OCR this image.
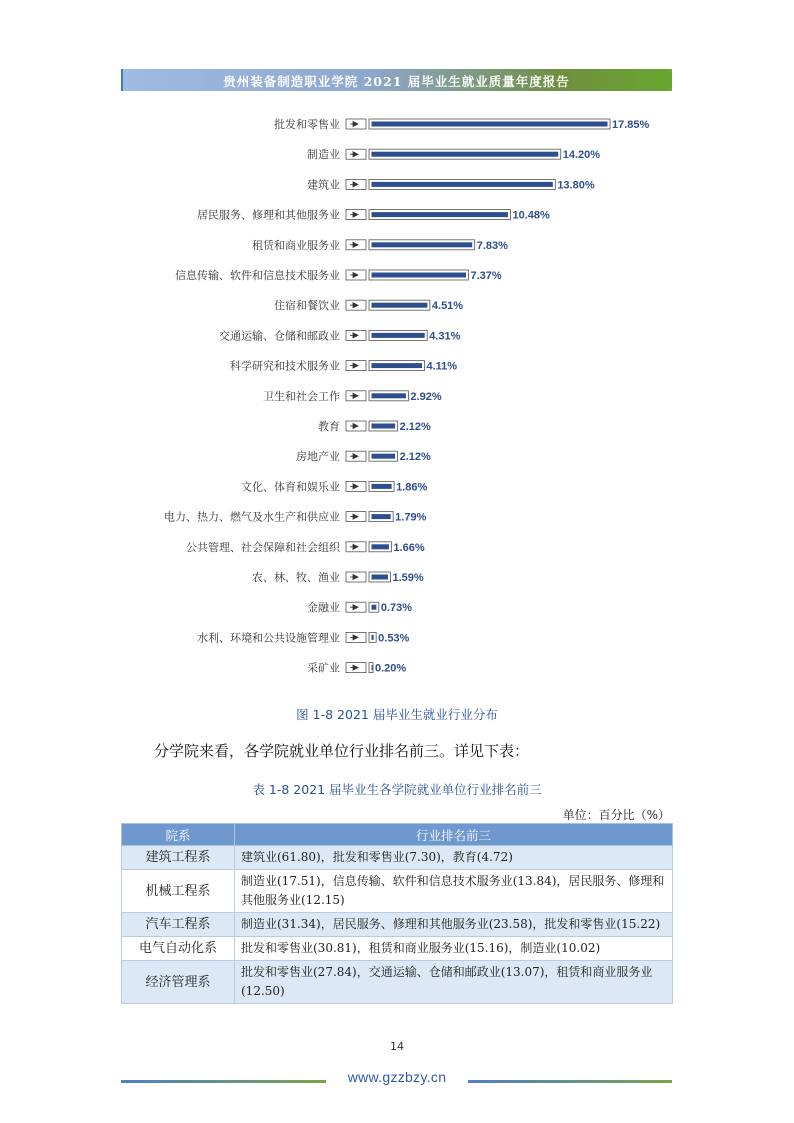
贵州装备制造职业学院 2021 届毕业生就业质量年度报告
批发和零售业	17.85%
制造业	14.20%
建筑业	13.80%
居民服务、修理和其他服务业	10.48%
租赁和商业服务业	7.83%
信息传输、软件和信息技术服务业	7.37%
住宿和餐饮业	4.51%
交通运输、仓储和邮政业	4.31%
科学研究和技术服务业	4.11%
卫生和社会工作	2.92%
教育	2.12%
房地产业	2.12%
文化、体育和娱乐业	1.86%
电力、热力、燃气及水生产和供应业	1.79%
公共管理、社会保障和社会组织	1.66%
农、林、牧、渔业	1.59%
金融业	0.73%
水利、环境和公共设施管理业	0.53%
采矿业	0.20%
图 1-8 2021 届毕业生就业行业分布
分学院来看，各学院就业单位行业排名前三。详见下表：
表 1-8 2021 届毕业生各学院就业单位行业排名前三
单位：百分比（%）
院系	行业排名前三
建筑工程系	建筑业(61.80)，批发和零售业(7.30)，教育(4.72)
机械工程系	制造业(17.51)，信息传输、软件和信息技术服务业(13.84)，居民服务、修理和其他服务业(12.15)
汽车工程系	制造业(31.34)，居民服务、修理和其他服务业(23.58)，批发和零售业(15.22)
电气自动化系	批发和零售业(30.81)，租赁和商业服务业(15.16)，制造业(10.02)
经济管理系	批发和零售业(27.84)，交通运输、仓储和邮政业(13.07)，租赁和商业服务业(12.50)
14
www.gzzbzy.cn
